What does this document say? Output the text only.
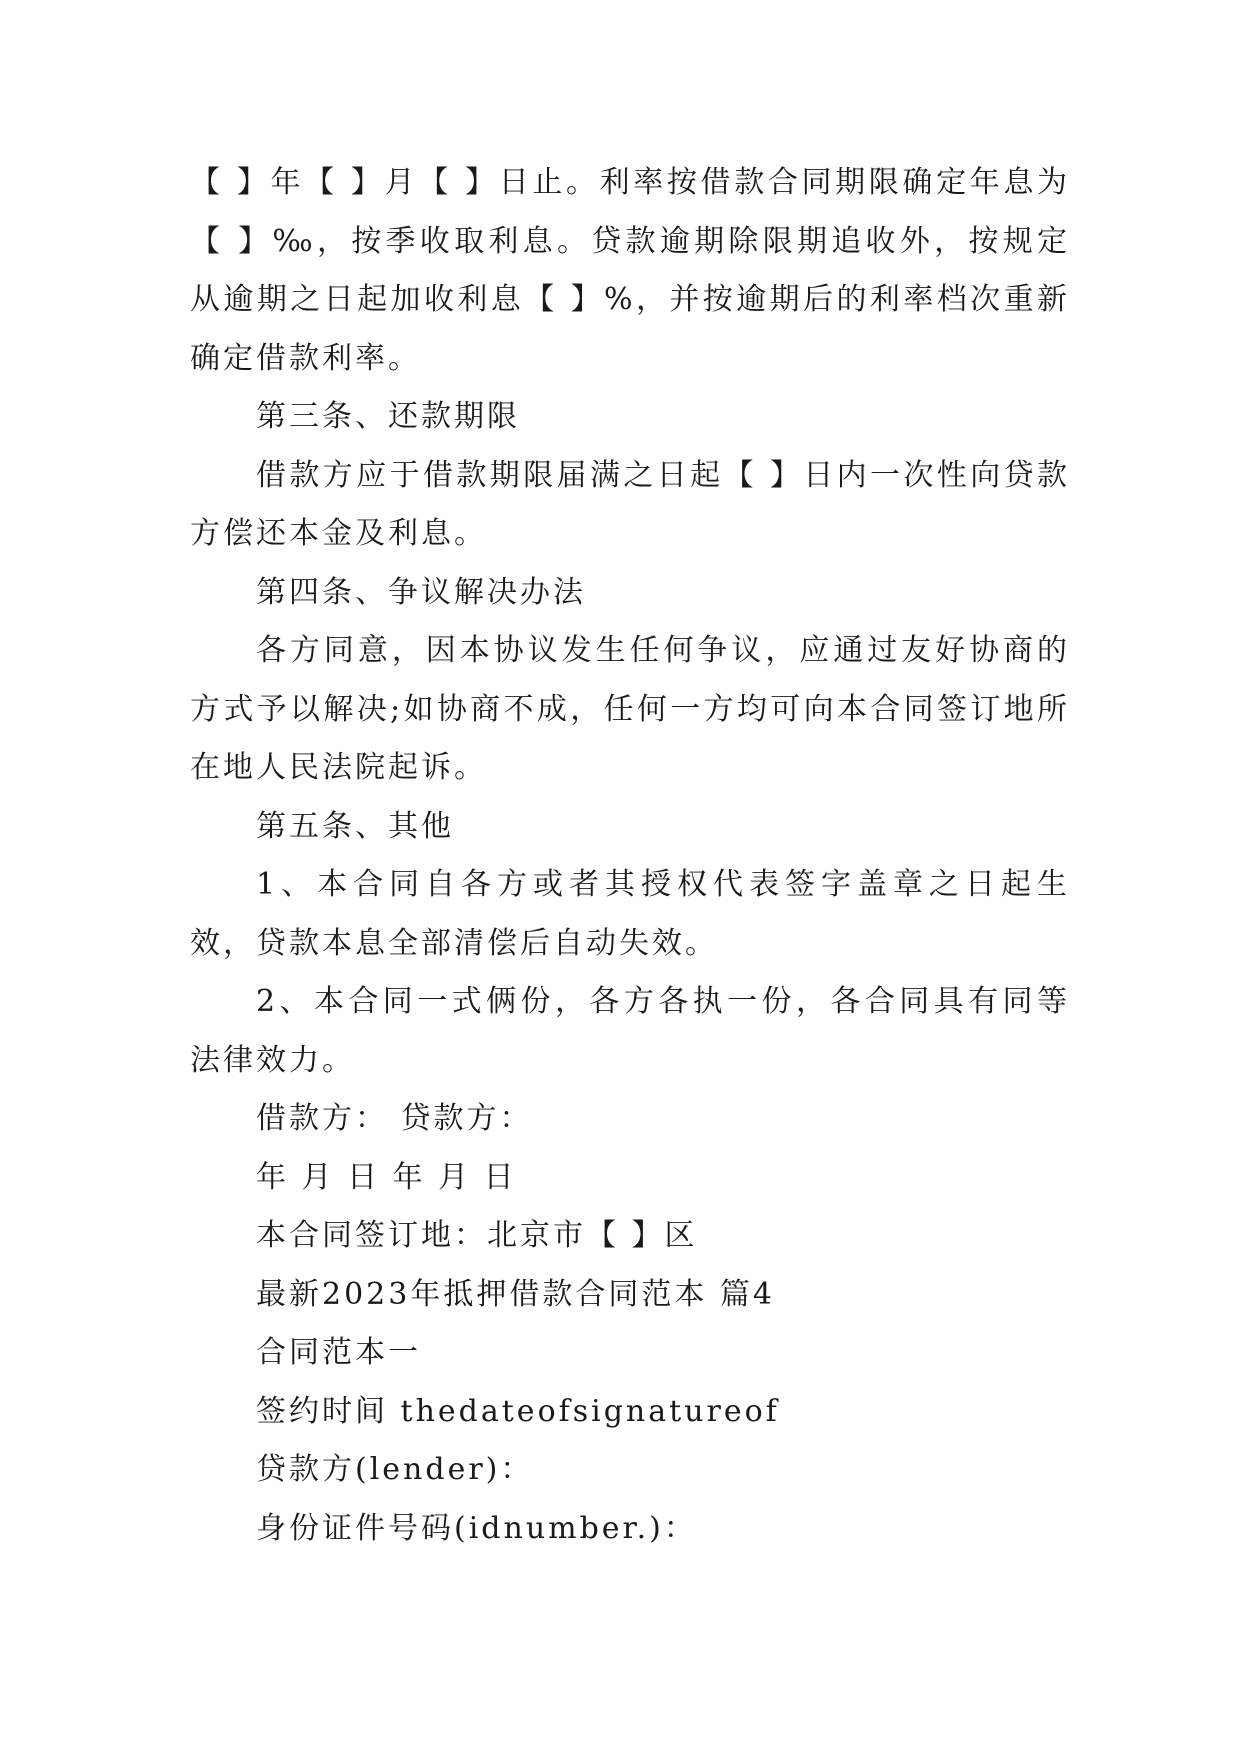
【 】年【 】月【 】日止。利率按借款合同期限确定年息为【 】‰，按季收取利息。贷款逾期除限期追收外，按规定从逾期之日起加收利息【 】%，并按逾期后的利率档次重新确定借款利率。

第三条、还款期限

借款方应于借款期限届满之日起【 】日内一次性向贷款方偿还本金及利息。

第四条、争议解决办法

各方同意，因本协议发生任何争议，应通过友好协商的方式予以解决;如协商不成，任何一方均可向本合同签订地所在地人民法院起诉。

第五条、其他

1、本合同自各方或者其授权代表签字盖章之日起生效，贷款本息全部清偿后自动失效。

2、本合同一式俩份，各方各执一份，各合同具有同等法律效力。

借款方： 贷款方：

年 月 日 年 月 日

本合同签订地：北京市【 】区

最新2023年抵押借款合同范本 篇4

合同范本一

签约时间 thedateofsignatureof

贷款方(lender)：

身份证件号码(idnumber.)：
